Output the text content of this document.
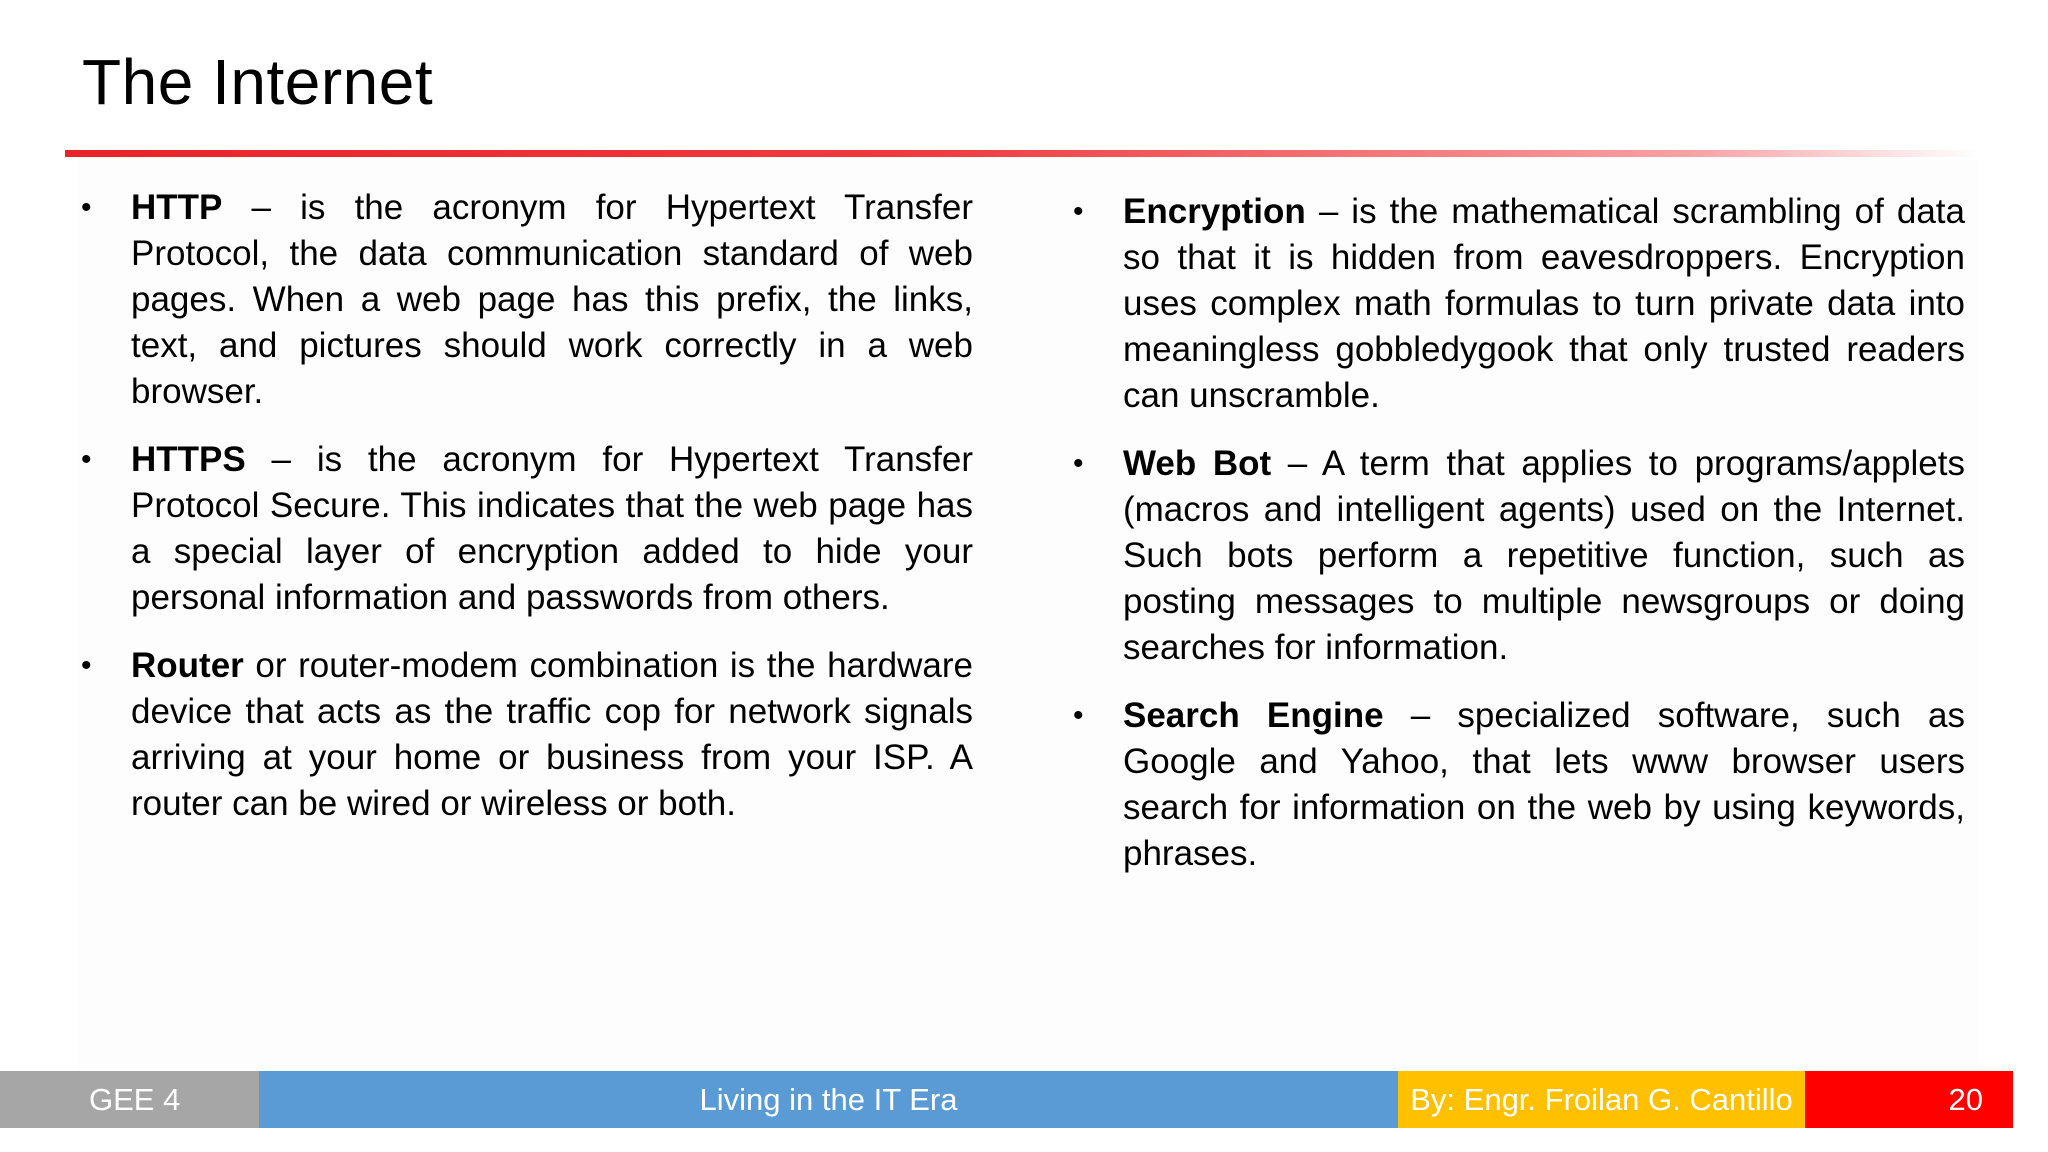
The Internet
•	HTTP – is the acronym for Hypertext Transfer Protocol, the data communication standard of web pages. When a web page has this prefix, the links, text, and pictures should work correctly in a web browser.
•	HTTPS – is the acronym for Hypertext Transfer Protocol Secure. This indicates that the web page has a special layer of encryption added to hide your personal information and passwords from others.
•	Router or router-modem combination is the hardware device that acts as the traffic cop for network signals arriving at your home or business from your ISP. A router can be wired or wireless or both.
•	Encryption – is the mathematical scrambling of data so that it is hidden from eavesdroppers. Encryption uses complex math formulas to turn private data into meaningless gobbledygook that only trusted readers can unscramble.
•	Web Bot – A term that applies to programs/applets (macros and intelligent agents) used on the Internet. Such bots perform a repetitive function, such as posting messages to multiple newsgroups or doing searches for information.
•	Search Engine – specialized software, such as Google and Yahoo, that lets www browser users search for information on the web by using keywords, phrases.
GEE 4	Living in the IT Era	By: Engr. Froilan G. Cantillo	20
